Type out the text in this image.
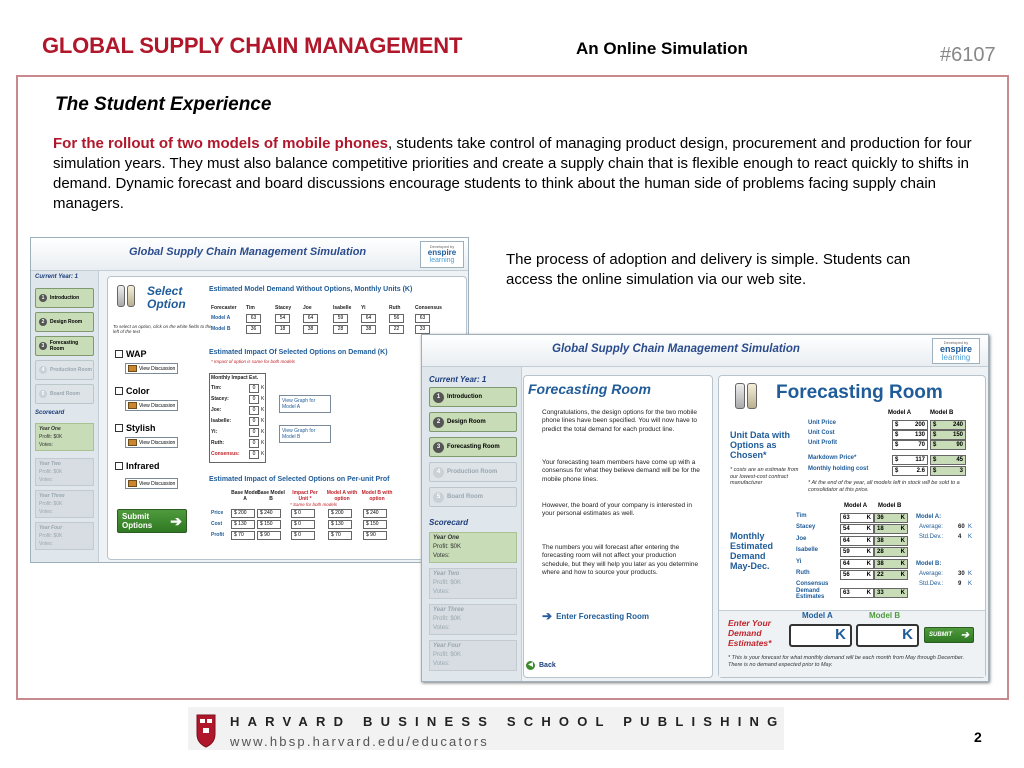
GLOBAL SUPPLY CHAIN MANAGEMENT	An Online Simulation	#6107
The Student Experience
For the rollout of two models of mobile phones, students take control of managing product design, procurement and production for four simulation years. They must also balance competitive priorities and create a supply chain that is flexible enough to react quickly to shifts in demand. Dynamic forecast and board discussions encourage students to think about the human side of problems facing supply chain managers.
Global Supply Chain Management Simulation	Developed by
enspire
learning
Current Year: 1
1	Introduction
2	Design Room
3	Forecasting Room
4	Production Room
5	Board Room
Scorecard
Year One
Profit: $0K
Votes:
Year Two
Profit: $0K
Votes:
Year Three
Profit: $0K
Votes:
Year Four
Profit: $0K
Votes:
Select Option
To select an option, click on the white fields to the left of the text
WAP
View Discussion
Color
View Discussion
Stylish
View Discussion
Infrared
View Discussion
Submit Options	➔
Estimated Model Demand Without Options, Monthly Units (K)
Forecaster Tim	Stacey Joe	Isabelle Yi	Ruth	Consensus
Model A	63	54	64	59	64	56	63
Model B	36	18	38	28	38	22	33
Estimated Impact Of Selected Options on Demand (K)
* Impact of option is same for both models
Monthly Impact Est.
Tim:	0	K
Stacey:	0	K
Joe:	0	K
Isabelle:	0	K
Yi:	0	K
Ruth:	0	K
Consensus:	0	K
View Graph for Model A
View Graph for Model B
Estimated Impact of Selected Options on Per-unit Prof
Base Model A
Base Model B
Impact Per Unit *
Model A with option
Model B with option
* Same for both models
Price	$ 200	$ 240	$ 0	$ 200	$ 240
Cost	$ 130	$ 150	$ 0	$ 130	$ 150
Profit	$ 70	$ 90	$ 0	$ 70	$ 90
The process of adoption and delivery is simple. Students can access the online simulation via our web site.
Global Supply Chain Management Simulation
Developed by
enspire
learning
Current Year: 1
1	Introduction
2	Design Room
3	Forecasting Room
4	Production Room
5	Board Room
Scorecard
Year One
Profit: $0K
Votes:
Year Two
Profit: $0K
Votes:
Year Three
Profit: $0K
Votes:
Year Four
Profit: $0K
Votes:
Forecasting Room
Congratulations, the design options for the two mobile phone lines have been specified. You will now have to predict the total demand for each product line.
Your forecasting team members have come up with a consensus for what they believe demand will be for the mobile phone lines.
However, the board of your company is interested in your personal estimates as well.
The numbers you will forecast after entering the forecasting room will not affect your production schedule, but they will help you later as you determine where and how to source your products.
➔ Enter Forecasting Room
◀ Back
Forecasting Room
Unit Data with Options as Chosen*
* costs are an estimate from our lowest-cost contract manufacturer
Model A	Model B
Unit Price	$	200 $	240
Unit Cost	$	130 $	150
Unit Profit	$	70 $	90
Markdown Price*	$	117 $	45
Monthly holding cost	$	2.6 $	3
* At the end of the year, all models left in stock will be sold to a consolidator at this price.
Monthly Estimated Demand May-Dec.
Model A Model B
Tim	63	K 36	K
Stacey	54	K 18	K
Joe	64	K 38	K
Isabelle	59	K 28	K
Yi	64	K 38	K
Ruth	56	K 22	K
Consensus Demand Estimates
63	K 33	K
Model A:
Average:	60 K
Std.Dev.: 4 K
Model B:
Average:	30 K
Std.Dev.: 9 K
Enter Your Demand Estimates*
Model A	Model B
K	K	SUBMIT ➔
* This is your forecast for what monthly demand will be each month from May through December. There is no demand expected prior to May.
HARVARD BUSINESS SCHOOL PUBLISHING
www.hbsp.harvard.edu/educators	2
